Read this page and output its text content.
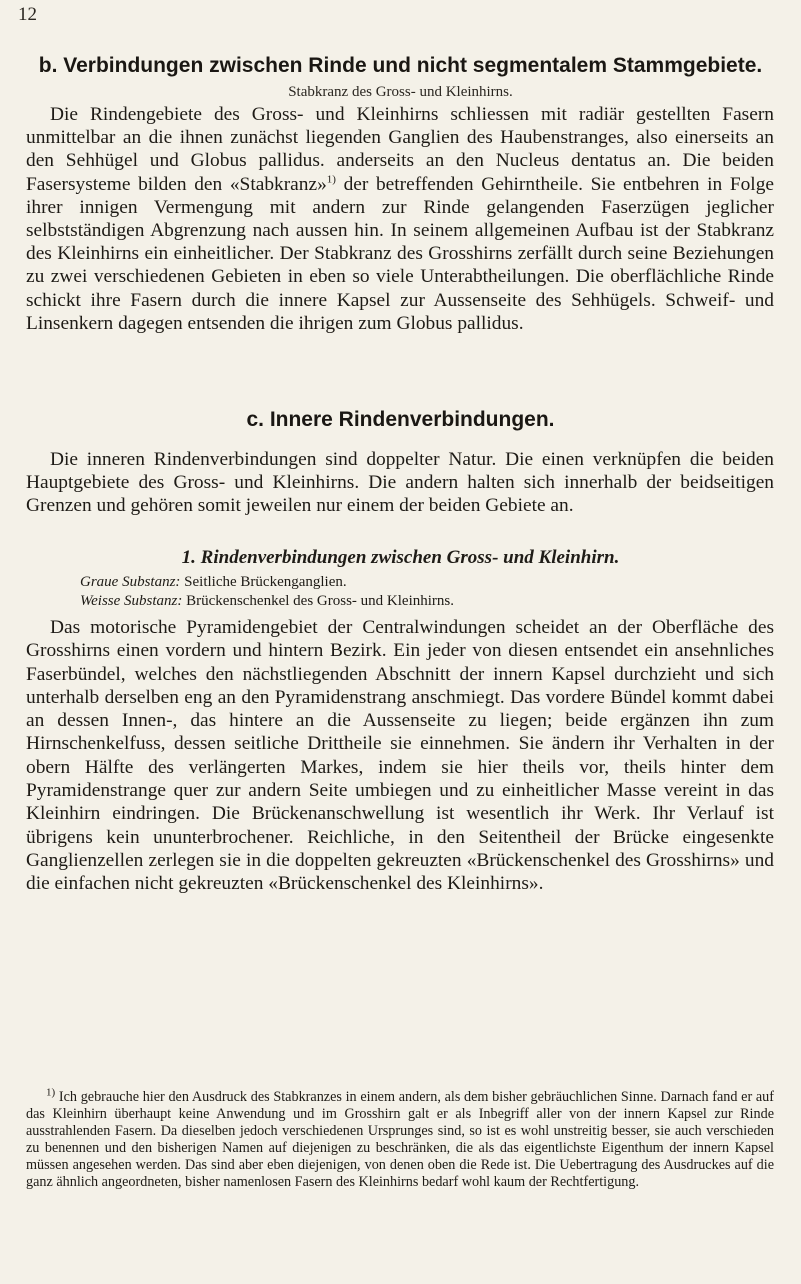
12
b. Verbindungen zwischen Rinde und nicht segmentalem Stammgebiete.
Stabkranz des Gross- und Kleinhirns.
Die Rindengebiete des Gross- und Kleinhirns schliessen mit radiär gestellten Fasern unmittelbar an die ihnen zunächst liegenden Ganglien des Haubenstranges, also einerseits an den Sehhügel und Globus pallidus. anderseits an den Nucleus dentatus an. Die beiden Fasersysteme bilden den «Stabkranz»$^{1)}$ der betreffenden Gehirntheile. Sie entbehren in Folge ihrer innigen Vermengung mit andern zur Rinde gelangenden Faserzügen jeglicher selbstständigen Abgrenzung nach aussen hin. In seinem allgemeinen Aufbau ist der Stabkranz des Kleinhirns ein einheitlicher. Der Stabkranz des Grosshirns zerfällt durch seine Beziehungen zu zwei verschiedenen Gebieten in eben so viele Unterabtheilungen. Die oberflächliche Rinde schickt ihre Fasern durch die innere Kapsel zur Aussenseite des Sehhügels. Schweif- und Linsenkern dagegen entsenden die ihrigen zum Globus pallidus.
c. Innere Rindenverbindungen.
Die inneren Rindenverbindungen sind doppelter Natur. Die einen verknüpfen die beiden Hauptgebiete des Gross- und Kleinhirns. Die andern halten sich innerhalb der beidseitigen Grenzen und gehören somit jeweilen nur einem der beiden Gebiete an.
1. Rindenverbindungen zwischen Gross- und Kleinhirn.
Graue Substanz: Seitliche Brückenganglien.
Weisse Substanz: Brückenschenkel des Gross- und Kleinhirns.
Das motorische Pyramidengebiet der Centralwindungen scheidet an der Oberfläche des Grosshirns einen vordern und hintern Bezirk. Ein jeder von diesen entsendet ein ansehnliches Faserbündel, welches den nächstliegenden Abschnitt der innern Kapsel durchzieht und sich unterhalb derselben eng an den Pyramidenstrang anschmiegt. Das vordere Bündel kommt dabei an dessen Innen-, das hintere an die Aussenseite zu liegen; beide ergänzen ihn zum Hirnschenkelfuss, dessen seitliche Drittheile sie einnehmen. Sie ändern ihr Verhalten in der obern Hälfte des verlängerten Markes, indem sie hier theils vor, theils hinter dem Pyramidenstrange quer zur andern Seite umbiegen und zu einheitlicher Masse vereint in das Kleinhirn eindringen. Die Brückenanschwellung ist wesentlich ihr Werk. Ihr Verlauf ist übrigens kein ununterbrochener. Reichliche, in den Seitentheil der Brücke eingesenkte Ganglienzellen zerlegen sie in die doppelten gekreuzten «Brückenschenkel des Grosshirns» und die einfachen nicht gekreuzten «Brückenschenkel des Kleinhirns».
$^{1)}$ Ich gebrauche hier den Ausdruck des Stabkranzes in einem andern, als dem bisher gebräuchlichen Sinne. Darnach fand er auf das Kleinhirn überhaupt keine Anwendung und im Grosshirn galt er als Inbegriff aller von der innern Kapsel zur Rinde ausstrahlenden Fasern. Da dieselben jedoch verschiedenen Ursprunges sind, so ist es wohl unstreitig besser, sie auch verschieden zu benennen und den bisherigen Namen auf diejenigen zu beschränken, die als das eigentlichste Eigenthum der innern Kapsel müssen angesehen werden. Das sind aber eben diejenigen, von denen oben die Rede ist. Die Uebertragung des Ausdruckes auf die ganz ähnlich angeordneten, bisher namenlosen Fasern des Kleinhirns bedarf wohl kaum der Rechtfertigung.
